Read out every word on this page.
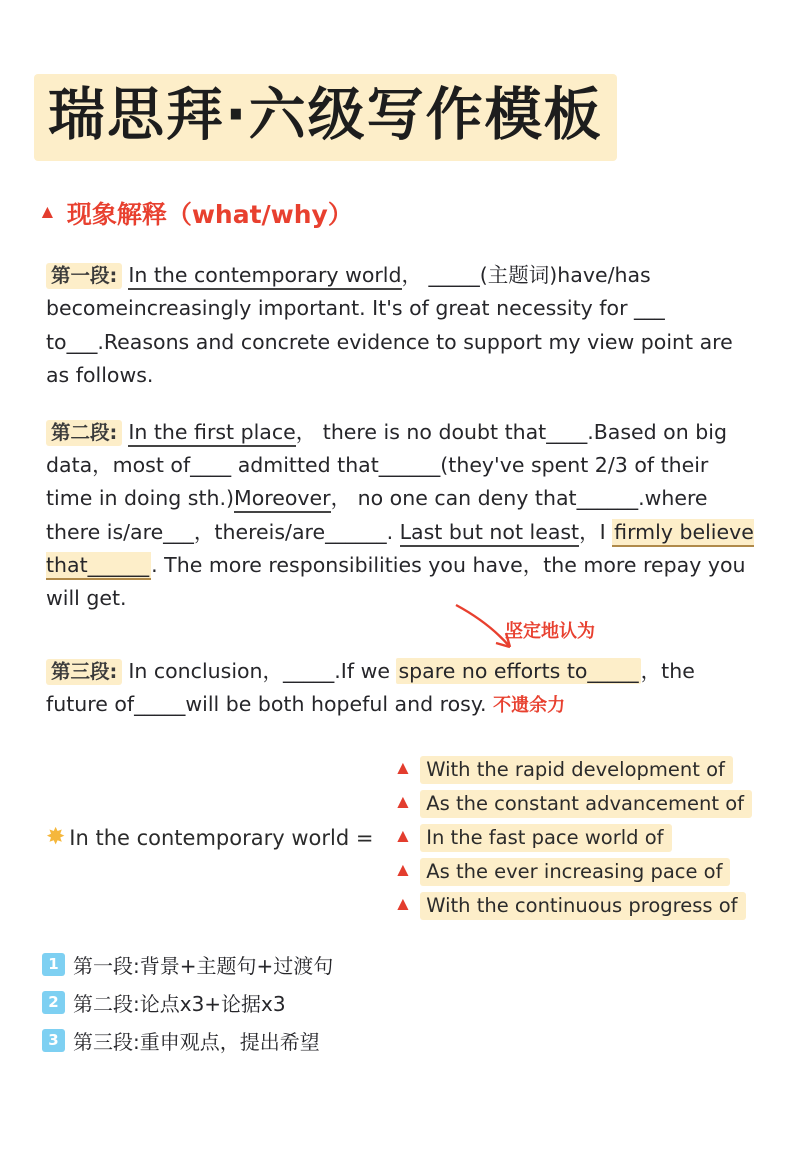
瑞思拜·六级写作模板
▲ 现象解释（what/why）
第一段: In the contemporary world， _____(主题词)have/has becomeincreasingly important. It's of great necessity for ___ to___.Reasons and concrete evidence to support my view point are as follows.
第二段: In the first place， there is no doubt that____.Based on big data，most of____ admitted that______(they've spent 2/3 of their time in doing sth.)Moreover， no one can deny that______.where there is/are___，thereis/are______. Last but not least，I firmly believe that______. The more responsibilities you have，the more repay you will get.
坚定地认为
第三段: In conclusion，_____.If we spare no efforts to_____，the future of_____will be both hopeful and rosy. 不遗余力
✸ In the contemporary world =
▲ With the rapid development of
▲ As the constant advancement of
▲ In the fast pace world of
▲ As the ever increasing pace of
▲ With the continuous progress of
1 第一段:背景+主题句+过渡句
2 第二段:论点x3+论据x3
3 第三段:重申观点，提出希望
